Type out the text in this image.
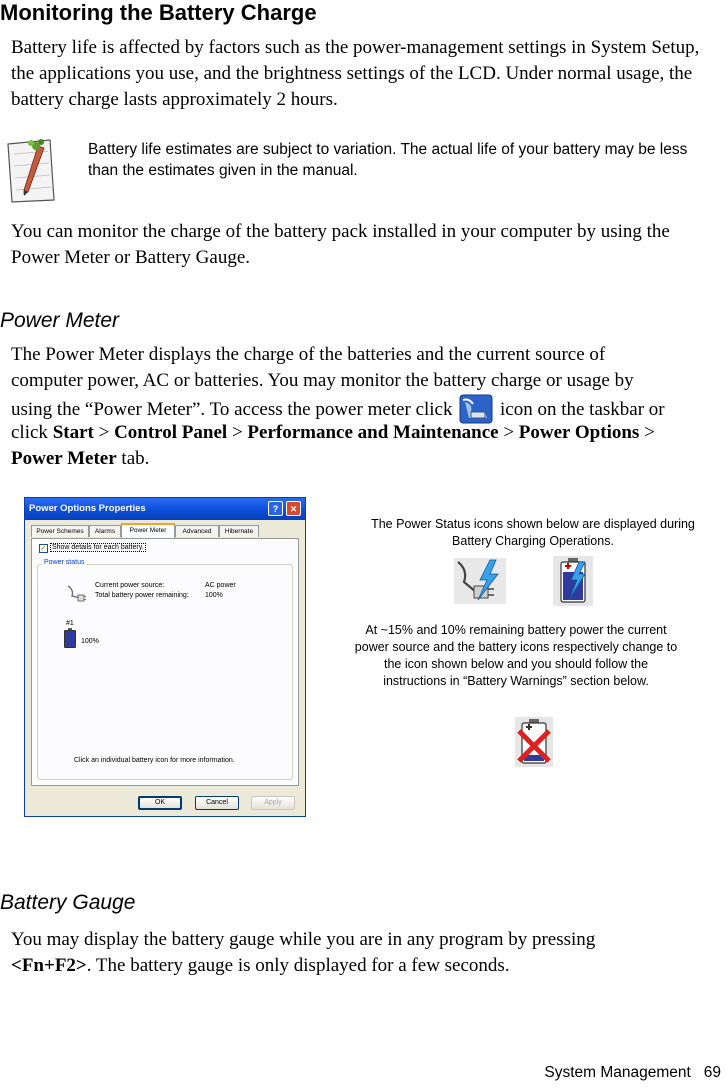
Monitoring the Battery Charge
Battery life is affected by factors such as the power-management settings in System Setup, the applications you use, and the brightness settings of the LCD. Under normal usage, the battery charge lasts approximately 2 hours.
Battery life estimates are subject to variation. The actual life of your battery may be less than the estimates given in the manual.
You can monitor the charge of the battery pack installed in your computer by using the Power Meter or Battery Gauge.
Power Meter
The Power Meter displays the charge of the batteries and the current source of
computer power, AC or batteries. You may monitor the battery charge or usage by
using the “Power Meter”. To access the power meter click	icon on the taskbar or
click Start > Control Panel > Performance and Maintenance > Power Options >
Power Meter tab.
Power Options Properties	?	✕
Power Schemes	Alarms	Power Meter	Advanced	Hibernate
✓ Show details for each battery.
Power status
Current power source:	AC power
Total battery power remaining: 100%
#1
100%
Click an individual battery icon for more information.
OK	Cancel	Apply
The Power Status icons shown below are displayed during Battery Charging Operations.
At ~15% and 10% remaining battery power the current power source and the battery icons respectively change to the icon shown below and you should follow the instructions in “Battery Warnings” section below.
Battery Gauge
You may display the battery gauge while you are in any program by pressing
<Fn+F2>. The battery gauge is only displayed for a few seconds.
System Management 69
